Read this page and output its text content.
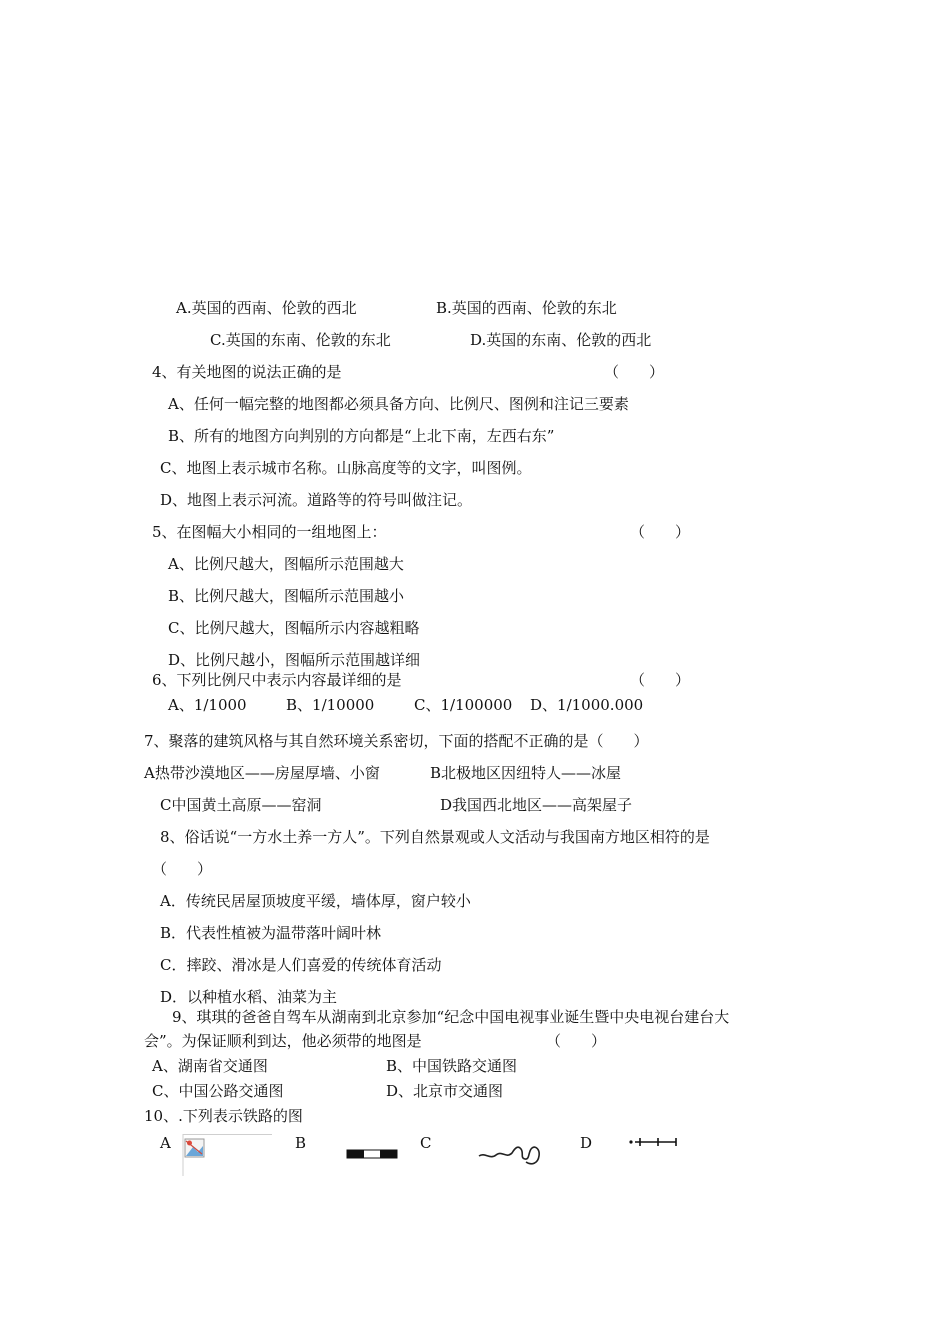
A.英国的西南、伦敦的西北	B.英国的西南、伦敦的东北
C.英国的东南、伦敦的东北	D.英国的东南、伦敦的西北
4、有关地图的说法正确的是	（　　）
A、任何一幅完整的地图都必须具备方向、比例尺、图例和注记三要素
B、所有的地图方向判别的方向都是“上北下南，左西右东”
C、地图上表示城市名称。山脉高度等的文字，叫图例。
D、地图上表示河流。道路等的符号叫做注记。
5、在图幅大小相同的一组地图上：	（　　）
A、比例尺越大，图幅所示范围越大
B、比例尺越大，图幅所示范围越小
C、比例尺越大，图幅所示内容越粗略
D、比例尺越小，图幅所示范围越详细
6、下列比例尺中表示内容最详细的是	（　　）
A、1/1000	B、1/10000	C、1/100000 D、1/1000.000
7、聚落的建筑风格与其自然环境关系密切，下面的搭配不正确的是（　　）
A热带沙漠地区——房屋厚墙、小窗	B北极地区因纽特人——冰屋
C中国黄土高原——窑洞	D我国西北地区——高架屋子
8、俗话说“一方水土养一方人”。下列自然景观或人文活动与我国南方地区相符的是
（　　）
A．传统民居屋顶坡度平缓，墙体厚，窗户较小
B．代表性植被为温带落叶阔叶林
C．摔跤、滑冰是人们喜爱的传统体育活动
D．以种植水稻、油菜为主
9、琪琪的爸爸自驾车从湖南到北京参加“纪念中国电视事业诞生暨中央电视台建台大
会”。为保证顺利到达，他必须带的地图是	（　　）
A、湖南省交通图	B、中国铁路交通图
C、中国公路交通图	D、北京市交通图
10、.下列表示铁路的图
A	B	C	D
